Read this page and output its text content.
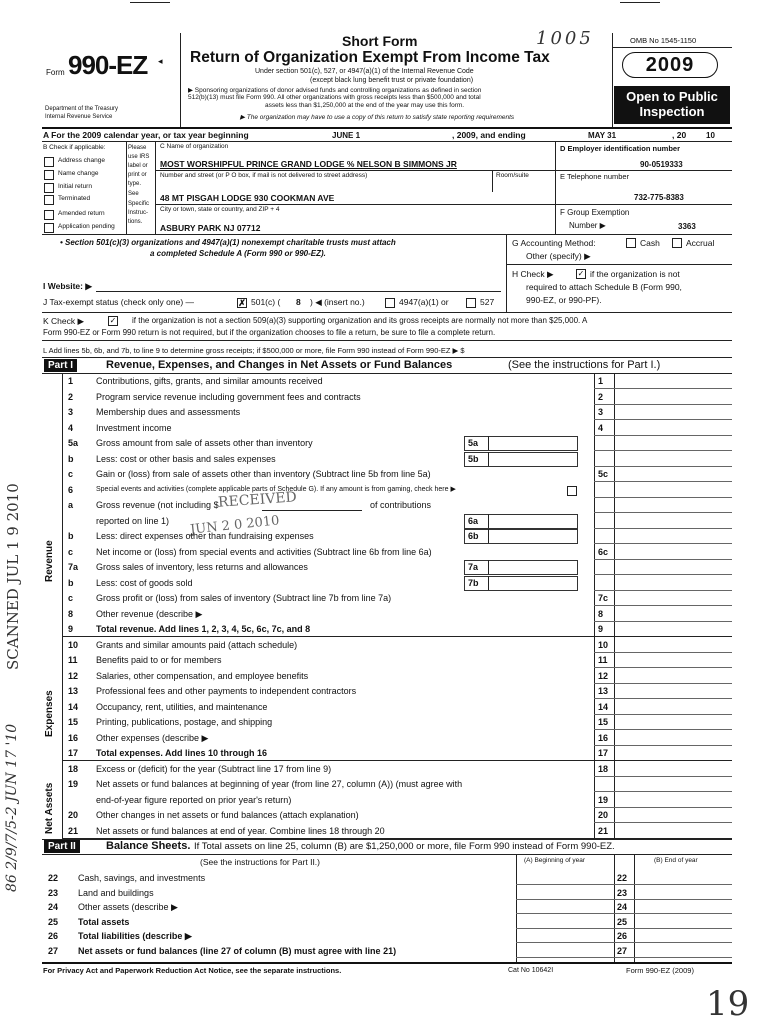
Form 990-EZ ◂
Department of the Treasury
Internal Revenue Service
Short Form
Return of Organization Exempt From Income Tax
1005
Under section 501(c), 527, or 4947(a)(1) of the Internal Revenue Code
(except black lung benefit trust or private foundation)
▶ Sponsoring organizations of donor advised funds and controlling organizations as defined in section
512(b)(13) must file Form 990. All other organizations with gross receipts less than $500,000 and total
assets less than $1,250,000 at the end of the year may use this form.
▶ The organization may have to use a copy of this return to satisfy state reporting requirements
OMB No 1545-1150
2009
Open to Public
Inspection
A For the 2009 calendar year, or tax year beginning	JUNE 1	, 2009, and ending	MAY 31	, 20 10
B Check if applicable:
Address change
Name change
Initial return
Terminated
Amended return
Application pending
Please
use IRS
label or
print or
type.
See
Specific
Instruc-
tions.
C Name of organization
MOST WORSHIPFUL PRINCE GRAND LODGE % NELSON B SIMMONS JR
Number and street (or P O box, if mail is not delivered to street address)	Room/suite
48 MT PISGAH LODGE 930 COOKMAN AVE
City or town, state or country, and ZIP + 4
ASBURY PARK NJ 07712
D Employer identification number
90-0519333
E Telephone number
732-775-8383
F Group Exemption
Number ▶	3363
• Section 501(c)(3) organizations and 4947(a)(1) nonexempt charitable trusts must attach
a completed Schedule A (Form 990 or 990-EZ).
G Accounting Method:	Cash	Accrual
Other (specify) ▶
H Check ▶	✓ if the organization is not
required to attach Schedule B (Form 990,
990-EZ, or 990-PF).
I Website: ▶
J Tax-exempt status (check only one) —	✗ 501(c) ( 8 ) ◀ (insert no.)	4947(a)(1) or	527
K Check ▶	✓ if the organization is not a section 509(a)(3) supporting organization and its gross receipts are normally not more than $25,000. A
Form 990-EZ or Form 990 return is not required, but if the organization chooses to file a return, be sure to file a complete return.
L Add lines 5b, 6b, and 7b, to line 9 to determine gross receipts; if $500,000 or more, file Form 990 instead of Form 990-EZ ▶ $
Part I	Revenue, Expenses, and Changes in Net Assets or Fund Balances	(See the instructions for Part I.)
Revenue
Expenses
Net Assets
1	Contributions, gifts, grants, and similar amounts received	1
2	Program service revenue including government fees and contracts	2
3	Membership dues and assessments	3
4	Investment income	4
5a Gross amount from sale of assets other than inventory	5a
b	Less: cost or other basis and sales expenses	5b
c	Gain or (loss) from sale of assets other than inventory (Subtract line 5b from line 5a)	5c
6	Special events and activities (complete applicable parts of Schedule G). If any amount is from gaming, check here ▶
a	Gross revenue (not including $	of contributions
reported on line 1)	6a
b	Less: direct expenses other than fundraising expenses	6b
c	Net income or (loss) from special events and activities (Subtract line 6b from line 6a)	6c
7a Gross sales of inventory, less returns and allowances	7a
b	Less: cost of goods sold	7b
c	Gross profit or (loss) from sales of inventory (Subtract line 7b from line 7a)	7c
8	Other revenue (describe ▶	8
9	Total revenue. Add lines 1, 2, 3, 4, 5c, 6c, 7c, and 8	9
10 Grants and similar amounts paid (attach schedule)	10
11 Benefits paid to or for members	11
12 Salaries, other compensation, and employee benefits	12
13 Professional fees and other payments to independent contractors	13
14 Occupancy, rent, utilities, and maintenance	14
15 Printing, publications, postage, and shipping	15
16 Other expenses (describe ▶	16
17 Total expenses. Add lines 10 through 16	17
18 Excess or (deficit) for the year (Subtract line 17 from line 9)	18
19 Net assets or fund balances at beginning of year (from line 27, column (A)) (must agree with
end-of-year figure reported on prior year's return)	19
20 Other changes in net assets or fund balances (attach explanation)	20
21 Net assets or fund balances at end of year. Combine lines 18 through 20	21
Part II	Balance Sheets. If Total assets on line 25, column (B) are $1,250,000 or more, file Form 990 instead of Form 990-EZ.
(See the instructions for Part II.)	(A) Beginning of year	(B) End of year
22 Cash, savings, and investments	22
23 Land and buildings	23
24 Other assets (describe ▶	24
25 Total assets	25
26 Total liabilities (describe ▶	26
27 Net assets or fund balances (line 27 of column (B) must agree with line 21)	27
For Privacy Act and Paperwork Reduction Act Notice, see the separate instructions.	Cat No 10642I	Form 990-EZ (2009)
SCANNED JUL 1 9 2010
86 2/9/7/5-2 JUN 17 '10
RECEIVED
JUN 2 0 2010
19
